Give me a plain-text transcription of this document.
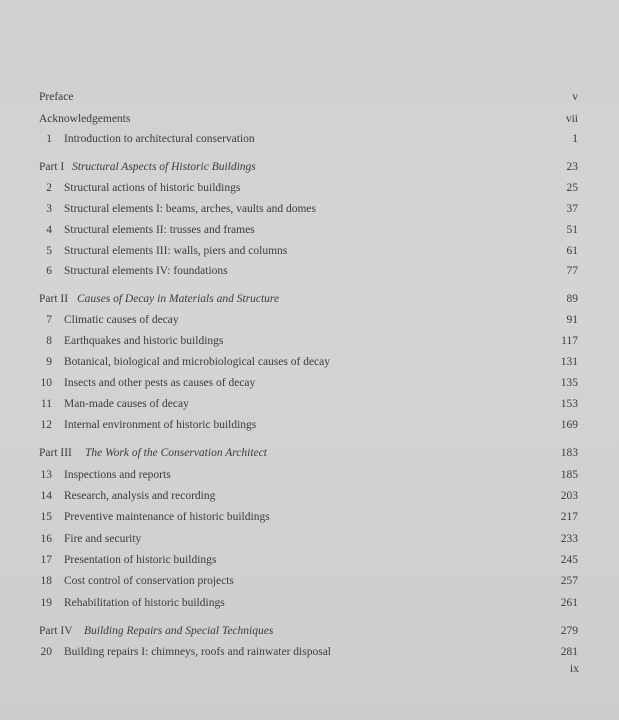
Preface	v
Acknowledgements	vii
1 Introduction to architectural conservation	1
Part I Structural Aspects of Historic Buildings	23
2 Structural actions of historic buildings	25
3 Structural elements I: beams, arches, vaults and domes	37
4 Structural elements II: trusses and frames	51
5 Structural elements III: walls, piers and columns	61
6 Structural elements IV: foundations	77
Part II Causes of Decay in Materials and Structure	89
7 Climatic causes of decay	91
8 Earthquakes and historic buildings	117
9 Botanical, biological and microbiological causes of decay	131
10 Insects and other pests as causes of decay	135
11 Man-made causes of decay	153
12 Internal environment of historic buildings	169
Part III The Work of the Conservation Architect	183
13 Inspections and reports	185
14 Research, analysis and recording	203
15 Preventive maintenance of historic buildings	217
16 Fire and security	233
17 Presentation of historic buildings	245
18 Cost control of conservation projects	257
19 Rehabilitation of historic buildings	261
Part IV Building Repairs and Special Techniques	279
20 Building repairs I: chimneys, roofs and rainwater disposal	281
ix
